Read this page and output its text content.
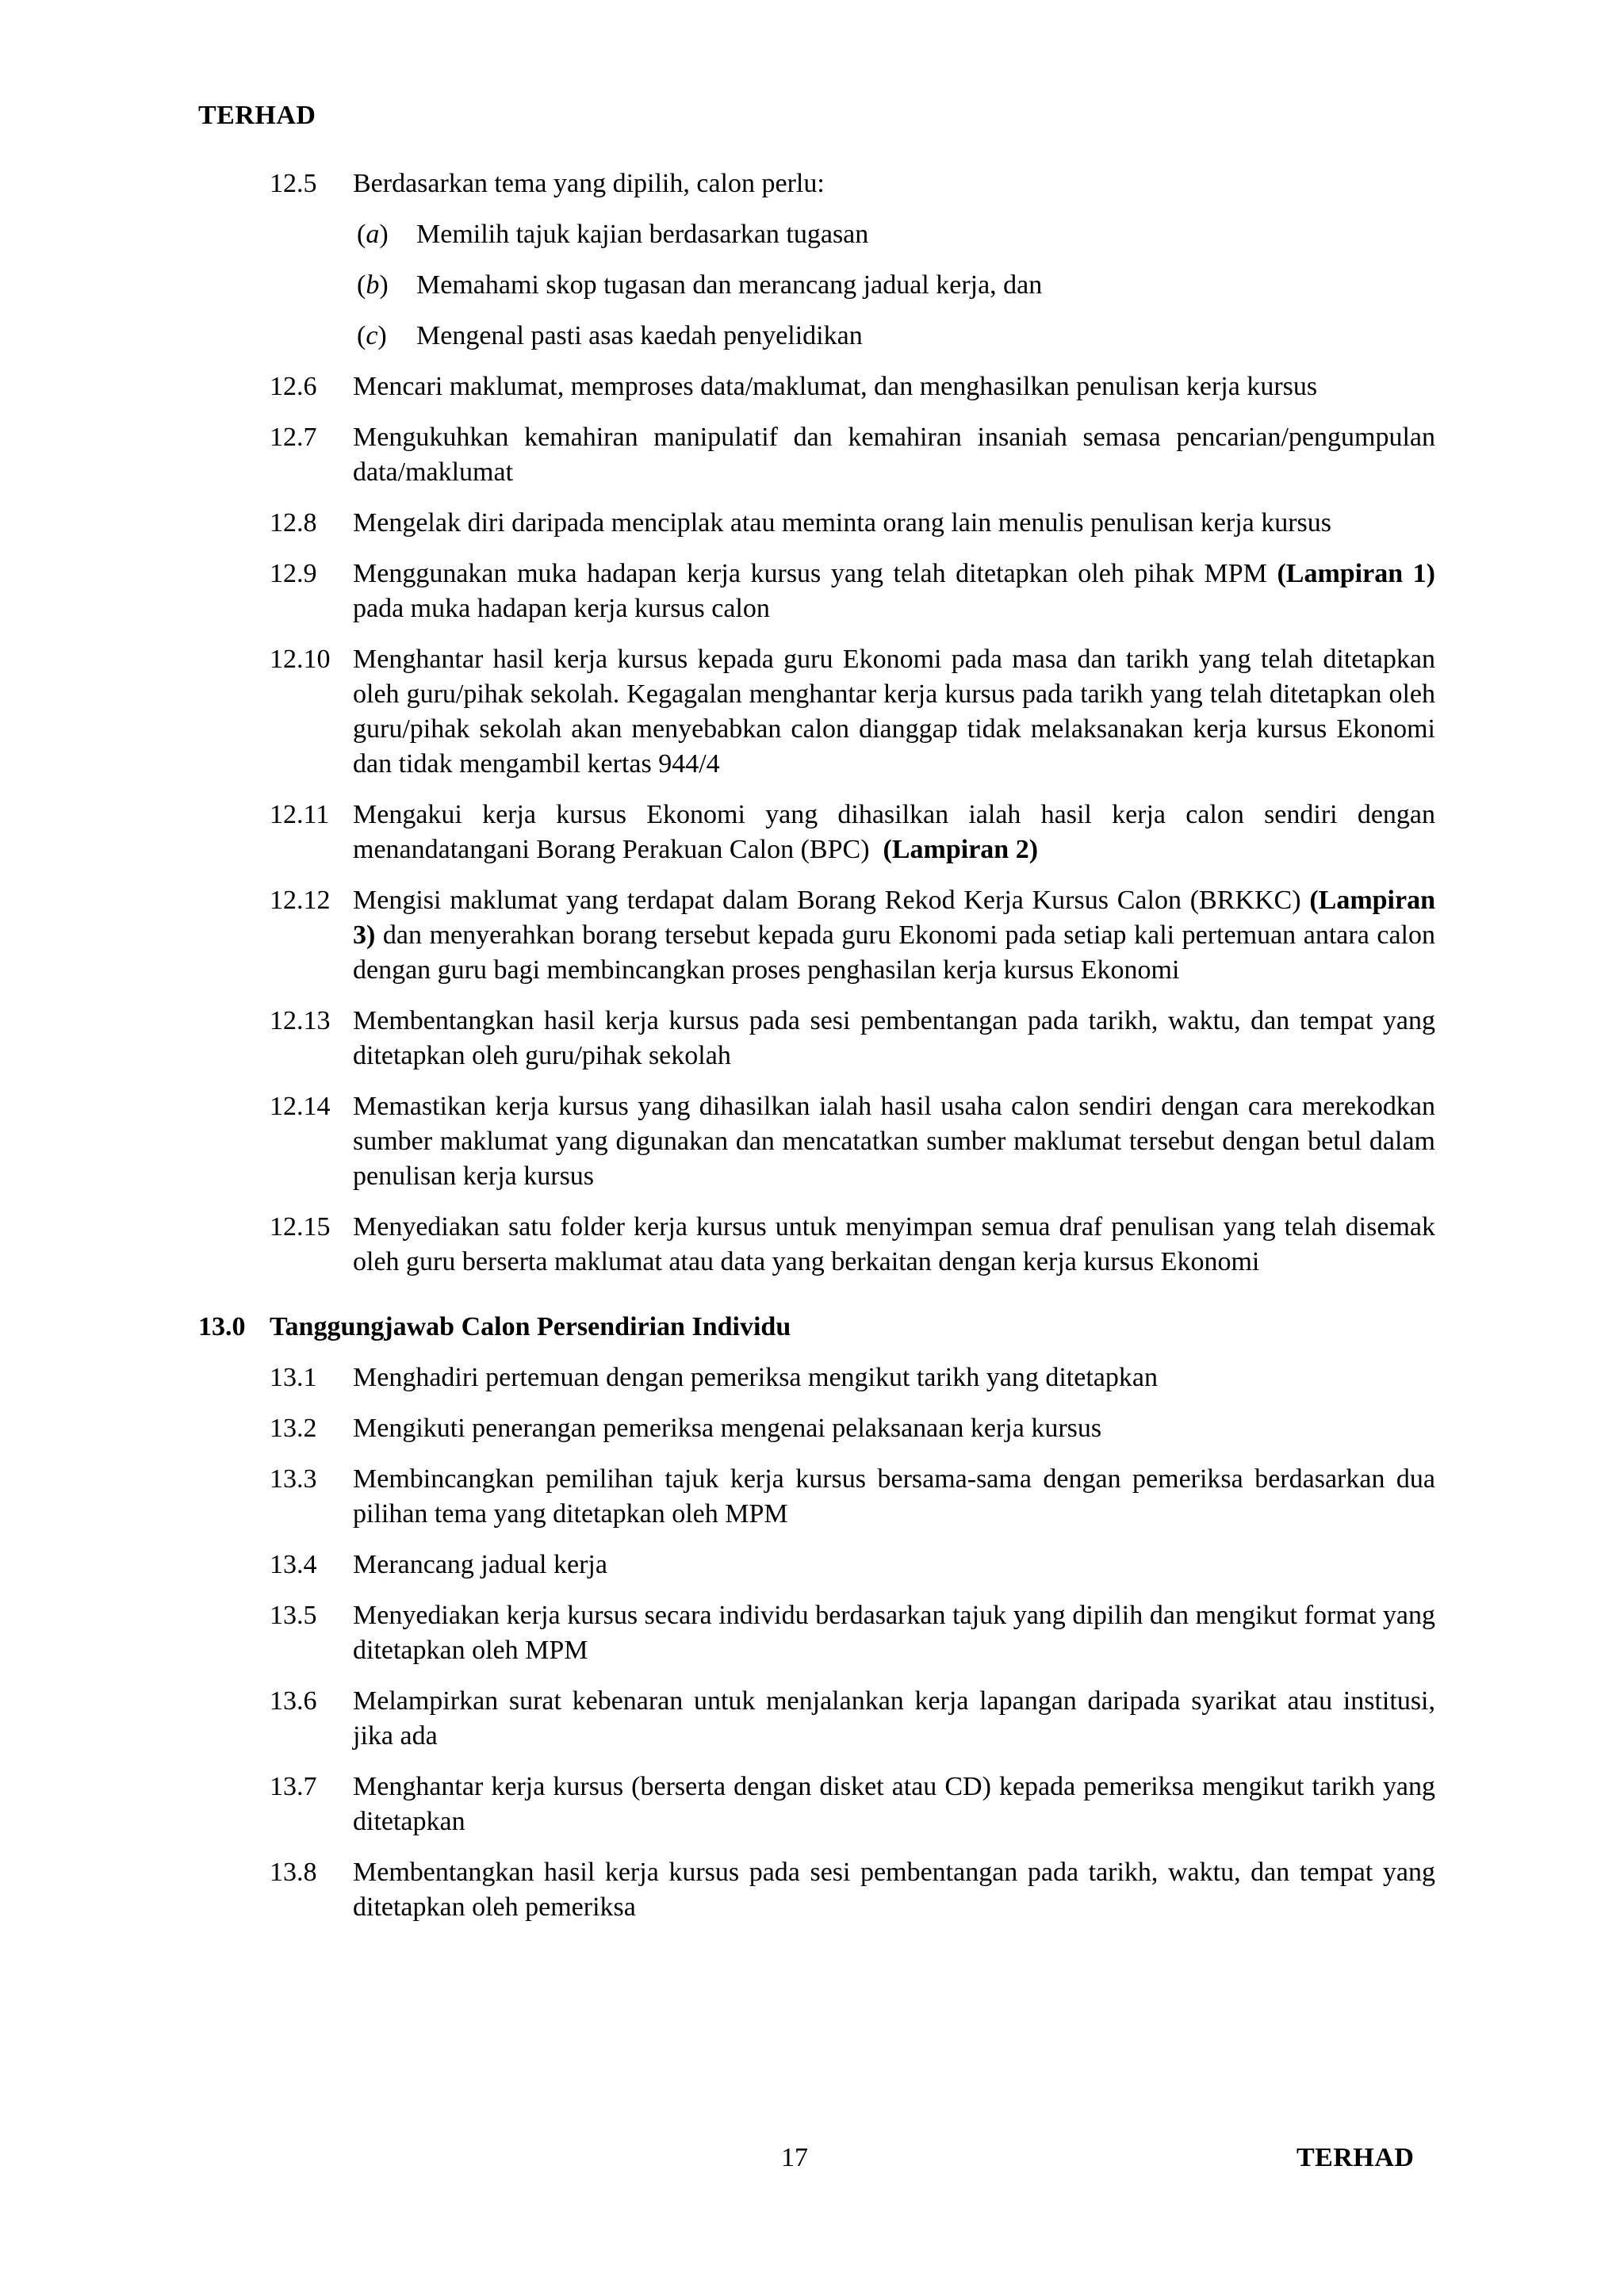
TERHAD
12.5	Berdasarkan tema yang dipilih, calon perlu:
(a)	Memilih tajuk kajian berdasarkan tugasan
(b)	Memahami skop tugasan dan merancang jadual kerja, dan
(c)	Mengenal pasti asas kaedah penyelidikan
12.6	Mencari maklumat, memproses data/maklumat, dan menghasilkan penulisan kerja kursus
12.7	Mengukuhkan kemahiran manipulatif dan kemahiran insaniah semasa pencarian/pengumpulan data/maklumat
12.8	Mengelak diri daripada menciplak atau meminta orang lain menulis penulisan kerja kursus
12.9	Menggunakan muka hadapan kerja kursus yang telah ditetapkan oleh pihak MPM (Lampiran 1) pada muka hadapan kerja kursus calon
12.10 Menghantar hasil kerja kursus kepada guru Ekonomi pada masa dan tarikh yang telah ditetapkan oleh guru/pihak sekolah. Kegagalan menghantar kerja kursus pada tarikh yang telah ditetapkan oleh guru/pihak sekolah akan menyebabkan calon dianggap tidak melaksanakan kerja kursus Ekonomi dan tidak mengambil kertas 944/4
12.11 Mengakui kerja kursus Ekonomi yang dihasilkan ialah hasil kerja calon sendiri dengan menandatangani Borang Perakuan Calon (BPC)  (Lampiran 2)
12.12 Mengisi maklumat yang terdapat dalam Borang Rekod Kerja Kursus Calon (BRKKC) (Lampiran 3) dan menyerahkan borang tersebut kepada guru Ekonomi pada setiap kali pertemuan antara calon dengan guru bagi membincangkan proses penghasilan kerja kursus Ekonomi
12.13 Membentangkan hasil kerja kursus pada sesi pembentangan pada tarikh, waktu, dan tempat yang ditetapkan oleh guru/pihak sekolah
12.14 Memastikan kerja kursus yang dihasilkan ialah hasil usaha calon sendiri dengan cara merekodkan sumber maklumat yang digunakan dan mencatatkan sumber maklumat tersebut dengan betul dalam penulisan kerja kursus
12.15 Menyediakan satu folder kerja kursus untuk menyimpan semua draf penulisan yang telah disemak oleh guru berserta maklumat atau data yang berkaitan dengan kerja kursus Ekonomi
13.0 Tanggungjawab Calon Persendirian Individu
13.1	Menghadiri pertemuan dengan pemeriksa mengikut tarikh yang ditetapkan
13.2	Mengikuti penerangan pemeriksa mengenai pelaksanaan kerja kursus
13.3	Membincangkan pemilihan tajuk kerja kursus bersama-sama dengan pemeriksa berdasarkan dua pilihan tema yang ditetapkan oleh MPM
13.4	Merancang jadual kerja
13.5	Menyediakan kerja kursus secara individu berdasarkan tajuk yang dipilih dan mengikut format yang ditetapkan oleh MPM
13.6	Melampirkan surat kebenaran untuk menjalankan kerja lapangan daripada syarikat atau institusi, jika ada
13.7	Menghantar kerja kursus (berserta dengan disket atau CD) kepada pemeriksa mengikut tarikh yang ditetapkan
13.8	Membentangkan hasil kerja kursus pada sesi pembentangan pada tarikh, waktu, dan tempat yang ditetapkan oleh pemeriksa
17	TERHAD
